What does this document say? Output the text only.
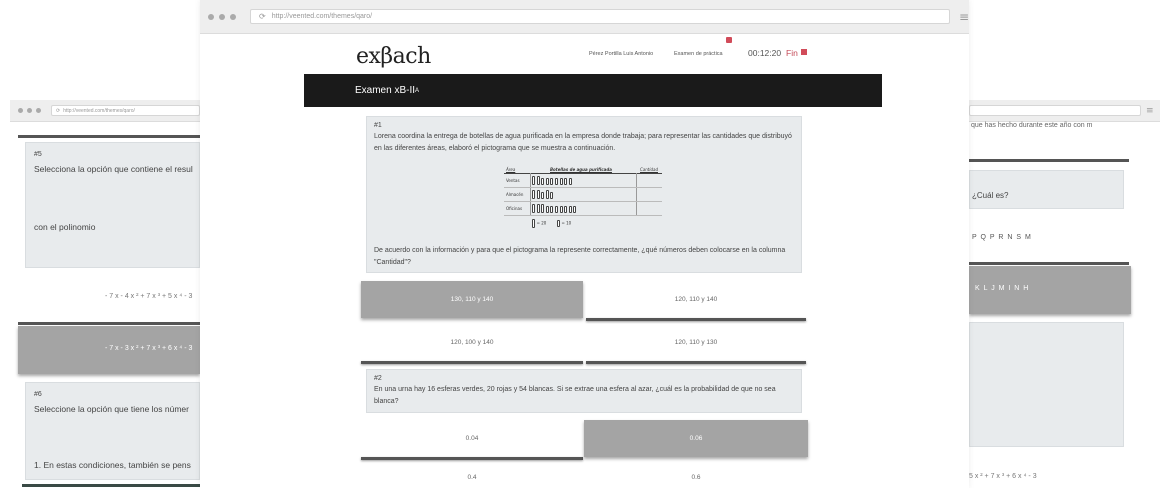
⟳ http://veented.com/themes/qaro/
#5
Selecciona la opción que contiene el resul
con el polinomio
- 7 x - 4 x ² + 7 x ³ + 5 x ⁴ - 3
- 7 x - 3 x ² + 7 x ³ + 6 x ⁴ - 3
#6
Seleccione la opción que tiene los númer
1. En estas condiciones, también se pens
≡
que has hecho durante este año con m
¿Cuál es?
P Q P R N S M
K L J M I N H
5 x ² + 7 x ³ + 6 x ⁴ - 3
⟳ http://veented.com/themes/qaro/	≡
exβach	Pérez Portilla Luis Antonio	Examen de práctica	00:12:20 Fin
Examen xB-II A
#1
Lorena coordina la entrega de botellas de agua purificada en la empresa donde trabaja; para representar las cantidades que distribuyó en las diferentes áreas, elaboró el pictograma que se muestra a continuación.
De acuerdo con la información y para que el pictograma la represente correctamente, ¿qué números deben colocarse en la columna "Cantidad"?
Área	Botellas de agua purificada	Cantidad
Ventas
Almacén
Oficinas
= 20	= 10
130, 110 y 140	120, 110 y 140
120, 100 y 140	120, 110 y 130
#2
En una urna hay 16 esferas verdes, 20 rojas y 54 blancas. Si se extrae una esfera al azar, ¿cuál es la probabilidad de que no sea blanca?
0.04	0.06
0.4	0.6
